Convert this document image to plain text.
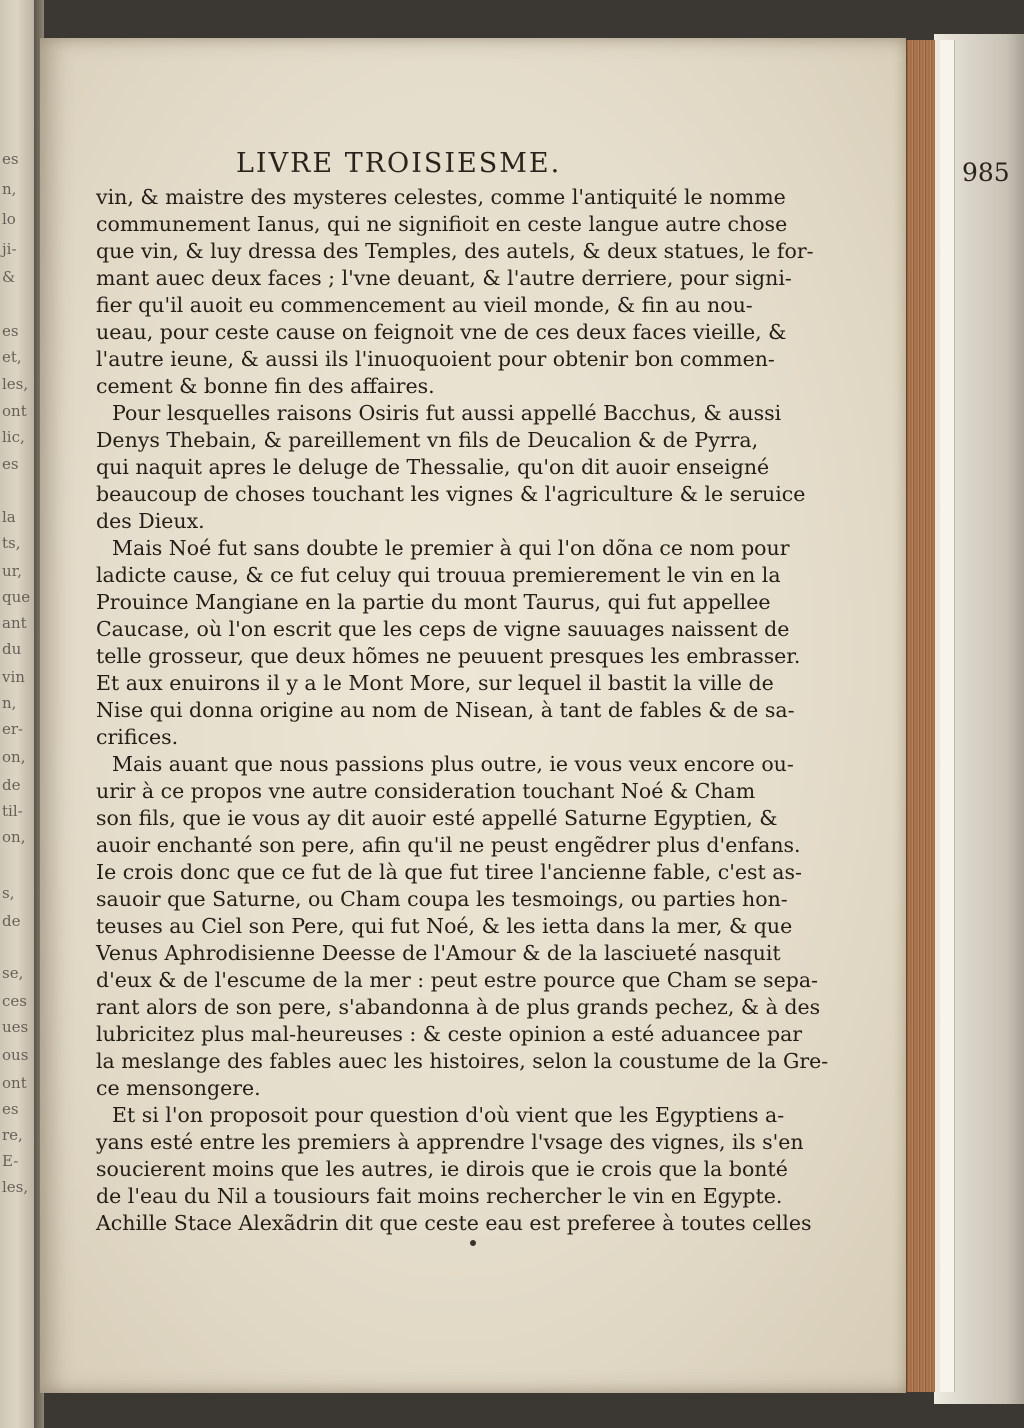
es
n,
lo
ji-
&
es
et,
les,
ont
lic,
es
la
ts,
ur,
que
ant
du
vin
n,
er-
on,
de
til-
on,
s,
de
se,
ces
ues
ous
ont
es
re,
E-
les,
LIVRE TROISIESME.	985
vin, & maistre des mysteres celestes, comme l'antiquité le nomme
communement Ianus, qui ne signifioit en ceste langue autre chose
que vin, & luy dressa des Temples, des autels, & deux statues, le for-
mant auec deux faces ; l'vne deuant, & l'autre derriere, pour signi-
fier qu'il auoit eu commencement au vieil monde, & fin au nou-
ueau, pour ceste cause on feignoit vne de ces deux faces vieille, &
l'autre ieune, & aussi ils l'inuoquoient pour obtenir bon commen-
cement & bonne fin des affaires.
Pour lesquelles raisons Osiris fut aussi appellé Bacchus, & aussi
Denys Thebain, & pareillement vn fils de Deucalion & de Pyrra,
qui naquit apres le deluge de Thessalie, qu'on dit auoir enseigné
beaucoup de choses touchant les vignes & l'agriculture & le seruice
des Dieux.
Mais Noé fut sans doubte le premier à qui l'on dõna ce nom pour
ladicte cause, & ce fut celuy qui trouua premierement le vin en la
Prouince Mangiane en la partie du mont Taurus, qui fut appellee
Caucase, où l'on escrit que les ceps de vigne sauuages naissent de
telle grosseur, que deux hõmes ne peuuent presques les embrasser.
Et aux enuirons il y a le Mont More, sur lequel il bastit la ville de
Nise qui donna origine au nom de Nisean, à tant de fables & de sa-
crifices.
Mais auant que nous passions plus outre, ie vous veux encore ou-
urir à ce propos vne autre consideration touchant Noé & Cham
son fils, que ie vous ay dit auoir esté appellé Saturne Egyptien, &
auoir enchanté son pere, afin qu'il ne peust engẽdrer plus d'enfans.
Ie crois donc que ce fut de là que fut tiree l'ancienne fable, c'est as-
sauoir que Saturne, ou Cham coupa les tesmoings, ou parties hon-
teuses au Ciel son Pere, qui fut Noé, & les ietta dans la mer, & que
Venus Aphrodisienne Deesse de l'Amour & de la lasciueté nasquit
d'eux & de l'escume de la mer : peut estre pource que Cham se sepa-
rant alors de son pere, s'abandonna à de plus grands pechez, & à des
lubricitez plus mal-heureuses : & ceste opinion a esté aduancee par
la meslange des fables auec les histoires, selon la coustume de la Gre-
ce mensongere.
Et si l'on proposoit pour question d'où vient que les Egyptiens a-
yans esté entre les premiers à apprendre l'vsage des vignes, ils s'en
soucierent moins que les autres, ie dirois que ie crois que la bonté
de l'eau du Nil a tousiours fait moins rechercher le vin en Egypte.
Achille Stace Alexãdrin dit que ceste eau est preferee à toutes celles
